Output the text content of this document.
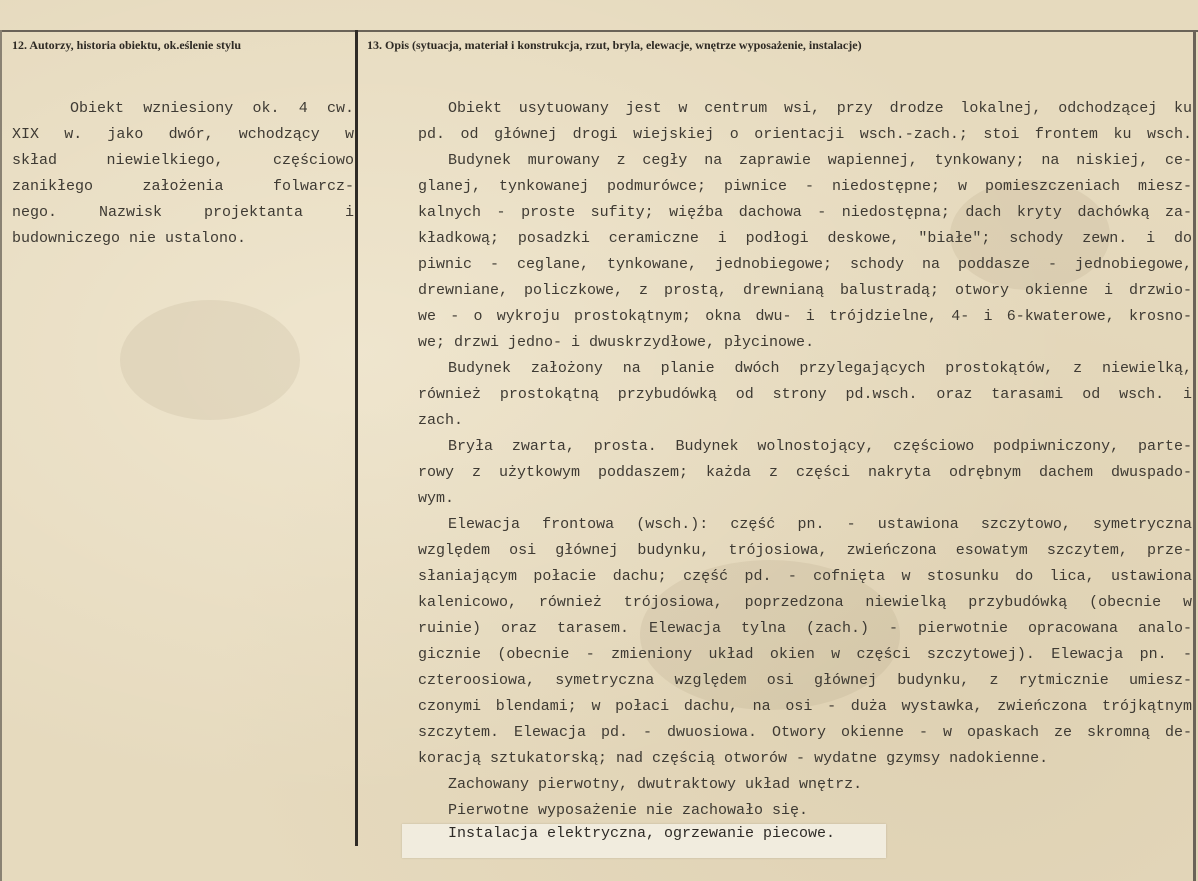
12. Autorzy, historia obiektu, ok.eślenie stylu	13. Opis (sytuacja, materiał i konstrukcja, rzut, bryla, elewacje, wnętrze wyposażenie, instalacje)

Obiekt wzniesiony ok. 4 cw.
XIX w. jako dwór, wchodzący w
skład niewielkiego, częściowo
zanikłego założenia folwarcz-
nego. Nazwisk projektanta i
budowniczego nie ustalono.
Obiekt usytuowany jest w centrum wsi, przy drodze lokalnej, odchodzącej ku
pd. od głównej drogi wiejskiej o orientacji wsch.-zach.; stoi frontem ku wsch.
Budynek murowany z cegły na zaprawie wapiennej, tynkowany; na niskiej, ce-
glanej, tynkowanej podmurówce; piwnice - niedostępne; w pomieszczeniach miesz-
kalnych - proste sufity; więźba dachowa - niedostępna; dach kryty dachówką za-
kładkową; posadzki ceramiczne i podłogi deskowe, "białe"; schody zewn. i do
piwnic - ceglane, tynkowane, jednobiegowe; schody na poddasze - jednobiegowe,
drewniane, policzkowe, z prostą, drewnianą balustradą; otwory okienne i drzwio-
we - o wykroju prostokątnym; okna dwu- i trójdzielne, 4- i 6-kwaterowe, krosno-
we; drzwi jedno- i dwuskrzydłowe, płycinowe.
Budynek założony na planie dwóch przylegających prostokątów, z niewielką,
również prostokątną przybudówką od strony pd.wsch. oraz tarasami od wsch. i
zach.
Bryła zwarta, prosta. Budynek wolnostojący, częściowo podpiwniczony, parte-
rowy z użytkowym poddaszem; każda z części nakryta odrębnym dachem dwuspado-
wym.
Elewacja frontowa (wsch.): część pn. - ustawiona szczytowo, symetryczna
względem osi głównej budynku, trójosiowa, zwieńczona esowatym szczytem, prze-
słaniającym połacie dachu; część pd. - cofnięta w stosunku do lica, ustawiona
kalenicowo, również trójosiowa, poprzedzona niewielką przybudówką (obecnie w
ruinie) oraz tarasem. Elewacja tylna (zach.) - pierwotnie opracowana analo-
gicznie (obecnie - zmieniony układ okien w części szczytowej). Elewacja pn. -
czteroosiowa, symetryczna względem osi głównej budynku, z rytmicznie umiesz-
czonymi blendami; w połaci dachu, na osi - duża wystawka, zwieńczona trójkątnym
szczytem. Elewacja pd. - dwuosiowa. Otwory okienne - w opaskach ze skromną de-
koracją sztukatorską; nad częścią otworów - wydatne gzymsy nadokienne.
Zachowany pierwotny, dwutraktowy układ wnętrz.
Pierwotne wyposażenie nie zachowało się.
Instalacja elektryczna, ogrzewanie piecowe.
